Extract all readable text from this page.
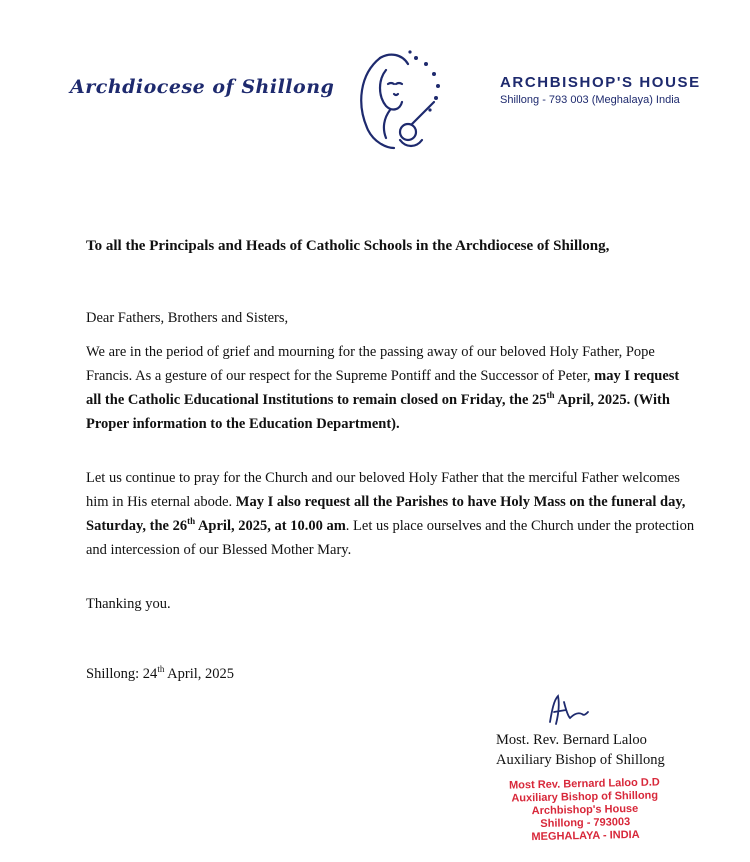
Archdiocese of Shillong	ARCHBISHOP'S HOUSE
Shillong - 793 003 (Meghalaya) India
To all the Principals and Heads of Catholic Schools in the Archdiocese of Shillong,
Dear Fathers, Brothers and Sisters,
We are in the period of grief and mourning for the passing away of our beloved Holy Father, Pope Francis. As a gesture of our respect for the Supreme Pontiff and the Successor of Peter, may I request all the Catholic Educational Institutions to remain closed on Friday, the 25th April, 2025. (With Proper information to the Education Department).
Let us continue to pray for the Church and our beloved Holy Father that the merciful Father welcomes him in His eternal abode. May I also request all the Parishes to have Holy Mass on the funeral day, Saturday, the 26th April, 2025, at 10.00 am. Let us place ourselves and the Church under the protection and intercession of our Blessed Mother Mary.
Thanking you.
Shillong: 24th April, 2025
Most. Rev. Bernard Laloo
Auxiliary Bishop of Shillong
Most Rev. Bernard Laloo D.D
Auxiliary Bishop of Shillong
Archbishop's House
Shillong - 793003
MEGHALAYA - INDIA
